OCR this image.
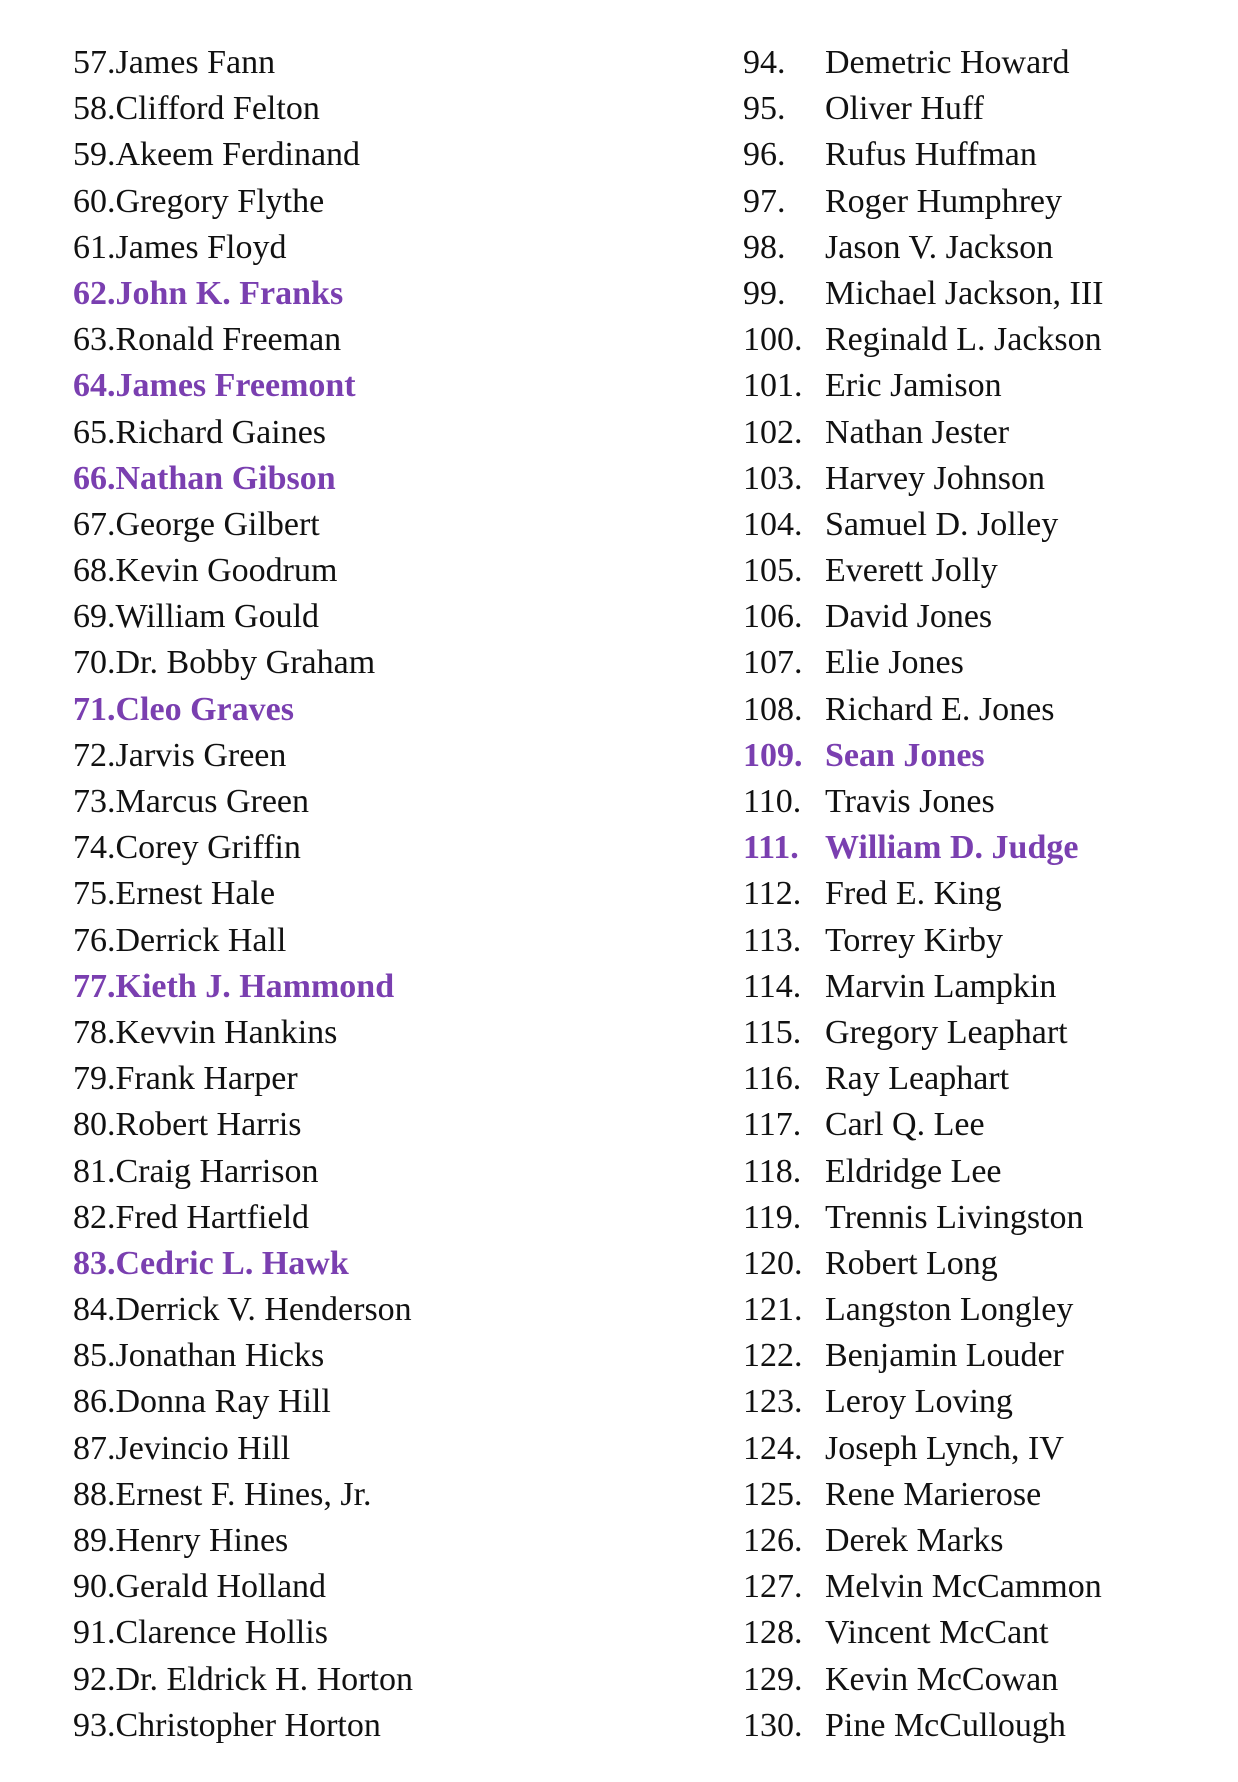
57.James Fann
58.Clifford Felton
59.Akeem Ferdinand
60.Gregory Flythe
61.James Floyd
62.John K. Franks
63.Ronald Freeman
64.James Freemont
65.Richard Gaines
66.Nathan Gibson
67.George Gilbert
68.Kevin Goodrum
69.William Gould
70.Dr. Bobby Graham
71.Cleo Graves
72.Jarvis Green
73.Marcus Green
74.Corey Griffin
75.Ernest Hale
76.Derrick Hall
77.Kieth J. Hammond
78.Kevvin Hankins
79.Frank Harper
80.Robert Harris
81.Craig Harrison
82.Fred Hartfield
83.Cedric L. Hawk
84.Derrick V. Henderson
85.Jonathan Hicks
86.Donna Ray Hill
87.Jevincio Hill
88.Ernest F. Hines, Jr.
89.Henry Hines
90.Gerald Holland
91.Clarence Hollis
92.Dr. Eldrick H. Horton
93.Christopher Horton
94. Demetric Howard
95. Oliver Huff
96. Rufus Huffman
97. Roger Humphrey
98. Jason V. Jackson
99. Michael Jackson, III
100. Reginald L. Jackson
101. Eric Jamison
102. Nathan Jester
103. Harvey Johnson
104. Samuel D. Jolley
105. Everett Jolly
106. David Jones
107. Elie Jones
108. Richard E. Jones
109. Sean Jones
110. Travis Jones
111. William D. Judge
112. Fred E. King
113. Torrey Kirby
114. Marvin Lampkin
115. Gregory Leaphart
116. Ray Leaphart
117. Carl Q. Lee
118. Eldridge Lee
119. Trennis Livingston
120. Robert Long
121. Langston Longley
122. Benjamin Louder
123. Leroy Loving
124. Joseph Lynch, IV
125. Rene Marierose
126. Derek Marks
127. Melvin McCammon
128. Vincent McCant
129. Kevin McCowan
130. Pine McCullough
